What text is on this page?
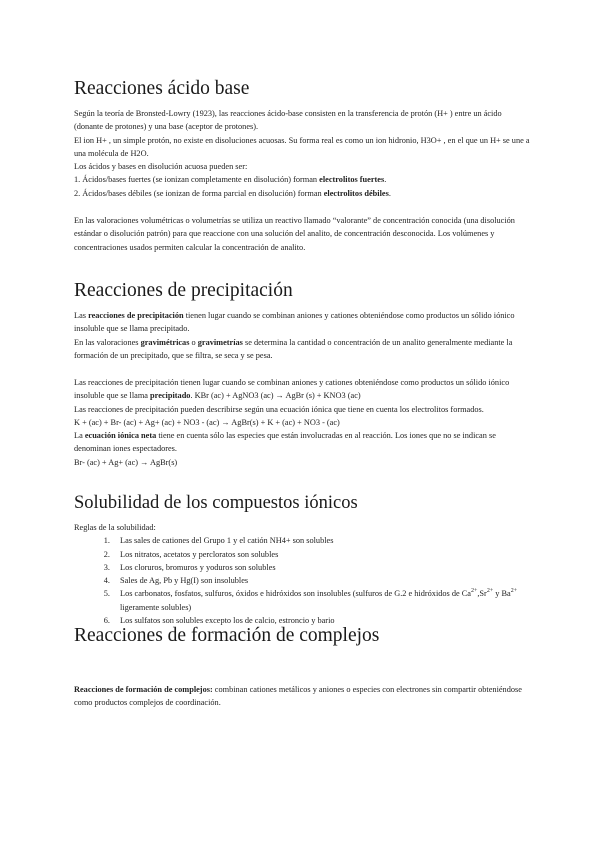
Reacciones ácido base

Según la teoría de Bronsted-Lowry (1923), las reacciones ácido-base consisten en la transferencia de protón (H+ ) entre un ácido (donante de protones) y una base (aceptor de protones).

El ion H+ , un simple protón, no existe en disoluciones acuosas. Su forma real es como un ion hidronio, H3O+ , en el que un H+ se une a una molécula de H2O.

Los ácidos y bases en disolución acuosa pueden ser:

1. Ácidos/bases fuertes (se ionizan completamente en disolución) forman electrolitos fuertes.

2. Ácidos/bases débiles (se ionizan de forma parcial en disolución) forman electrolitos débiles.

En las valoraciones volumétricas o volumetrías se utiliza un reactivo llamado “valorante” de concentración conocida (una disolución estándar o disolución patrón) para que reaccione con una solución del analito, de concentración desconocida. Los volúmenes y concentraciones usados permiten calcular la concentración de analito.

Reacciones de precipitación

Las reacciones de precipitación tienen lugar cuando se combinan aniones y cationes obteniéndose como productos un sólido iónico insoluble que se llama precipitado.

En las valoraciones gravimétricas o gravimetrías se determina la cantidad o concentración de un analito generalmente mediante la formación de un precipitado, que se filtra, se seca y se pesa.

Las reacciones de precipitación tienen lugar cuando se combinan aniones y cationes obteniéndose como productos un sólido iónico insoluble que se llama precipitado. KBr (ac) + AgNO3 (ac) → AgBr (s) + KNO3 (ac)

Las reacciones de precipitación pueden describirse según una ecuación iónica que tiene en cuenta los electrolitos formados.

K + (ac) + Br- (ac) + Ag+ (ac) + NO3 - (ac) → AgBr(s) + K + (ac) + NO3 - (ac)

La ecuación iónica neta tiene en cuenta sólo las especies que están involucradas en al reacción. Los iones que no se indican se denominan iones espectadores.

Br- (ac) + Ag+ (ac) → AgBr(s)

Solubilidad de los compuestos iónicos

Reglas de la solubilidad:

1. Las sales de cationes del Grupo 1 y el catión NH4+ son solubles
2. Los nitratos, acetatos y percloratos son solubles
3. Los cloruros, bromuros y yoduros son solubles
4. Sales de Ag, Pb y Hg(I) son insolubles
5. Los carbonatos, fosfatos, sulfuros, óxidos e hidróxidos son insolubles (sulfuros de G.2 e hidróxidos de $Ca^{2+},Sr^{2+}$ y $Ba^{2+}$ ligeramente solubles)
6. Los sulfatos son solubles excepto los de calcio, estroncio y bario
Reacciones de formación de complejos

Reacciones de formación de complejos: combinan cationes metálicos y aniones o especies con electrones sin compartir obteniéndose como productos complejos de coordinación.
